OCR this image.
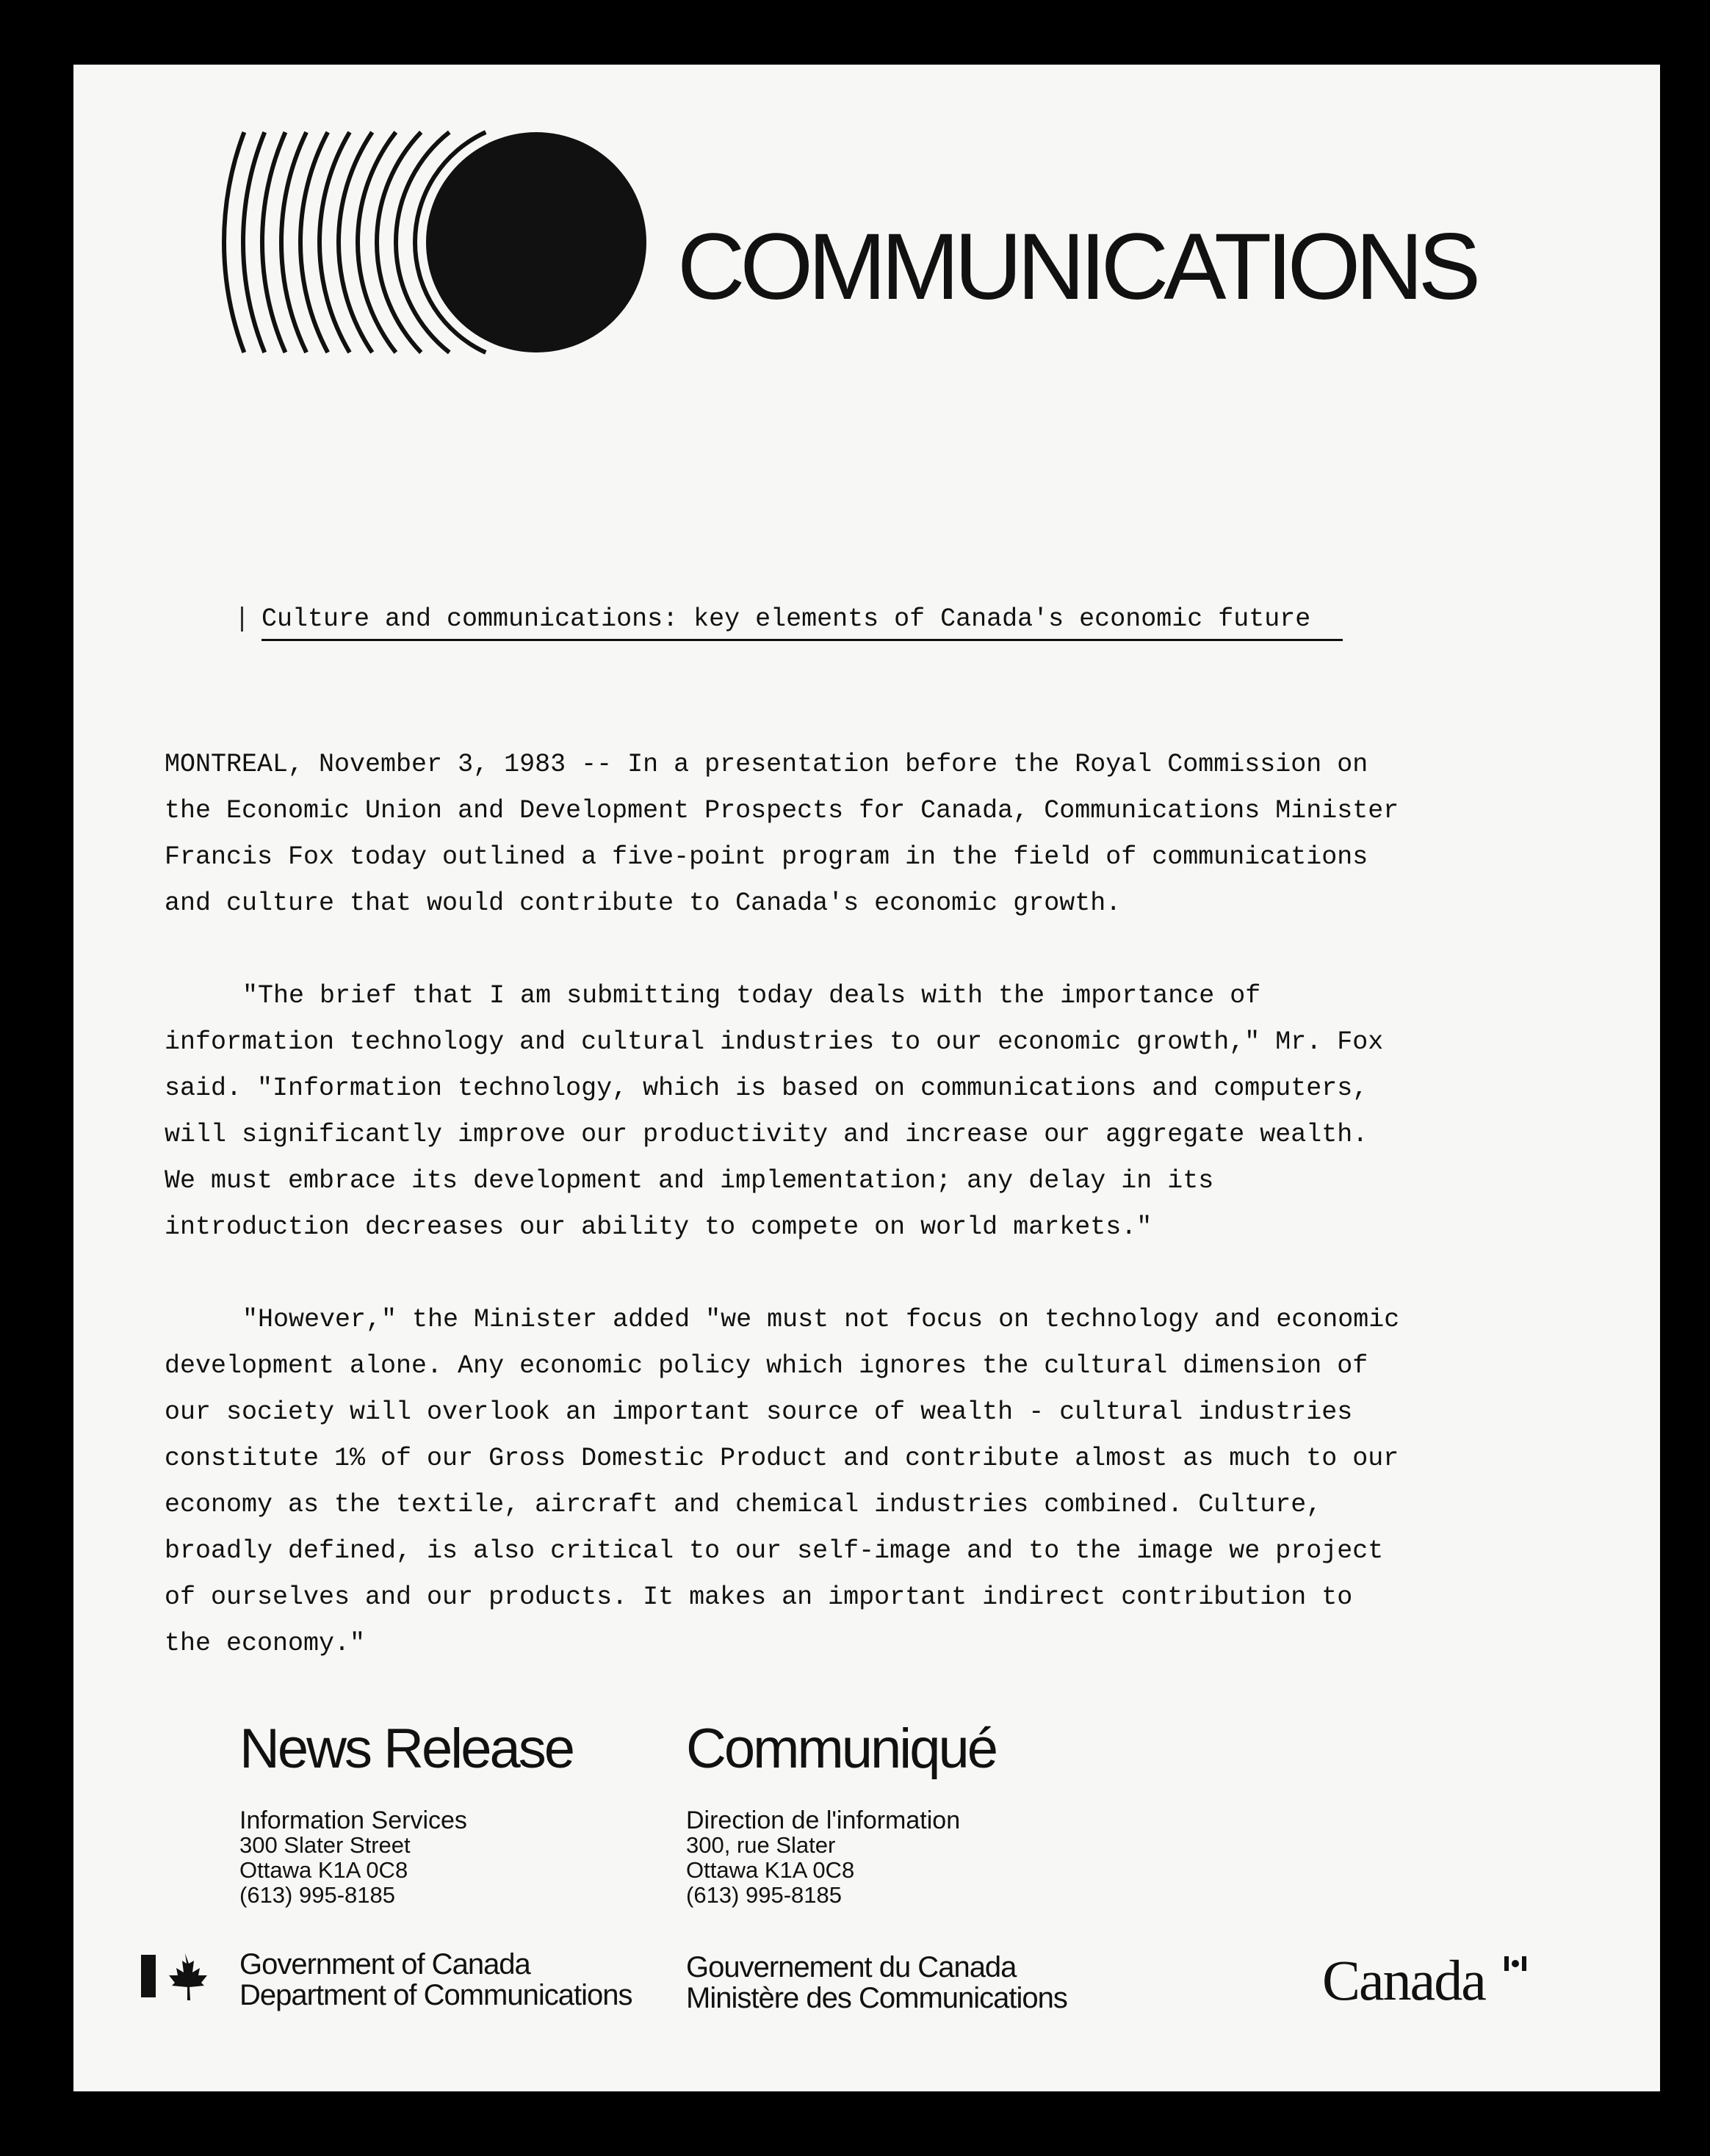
COMMUNICATIONS
Culture and communications: key elements of Canada's economic future
MONTREAL, November 3, 1983 -- In a presentation before the Royal Commission on
the Economic Union and Development Prospects for Canada, Communications Minister
Francis Fox today outlined a five-point program in the field of communications
and culture that would contribute to Canada's economic growth.
"The brief that I am submitting today deals with the importance of
information technology and cultural industries to our economic growth," Mr. Fox
said. "Information technology, which is based on communications and computers,
will significantly improve our productivity and increase our aggregate wealth.
We must embrace its development and implementation; any delay in its
introduction decreases our ability to compete on world markets."
"However," the Minister added "we must not focus on technology and economic
development alone. Any economic policy which ignores the cultural dimension of
our society will overlook an important source of wealth - cultural industries
constitute 1% of our Gross Domestic Product and contribute almost as much to our
economy as the textile, aircraft and chemical industries combined. Culture,
broadly defined, is also critical to our self-image and to the image we project
of ourselves and our products. It makes an important indirect contribution to
the economy."
News Release
Information Services
300 Slater Street
Ottawa K1A 0C8
(613) 995-8185
Communiqué
Direction de l'information
300, rue Slater
Ottawa K1A 0C8
(613) 995-8185
Government of Canada
Department of Communications
Gouvernement du Canada
Ministère des Communications	Canada
